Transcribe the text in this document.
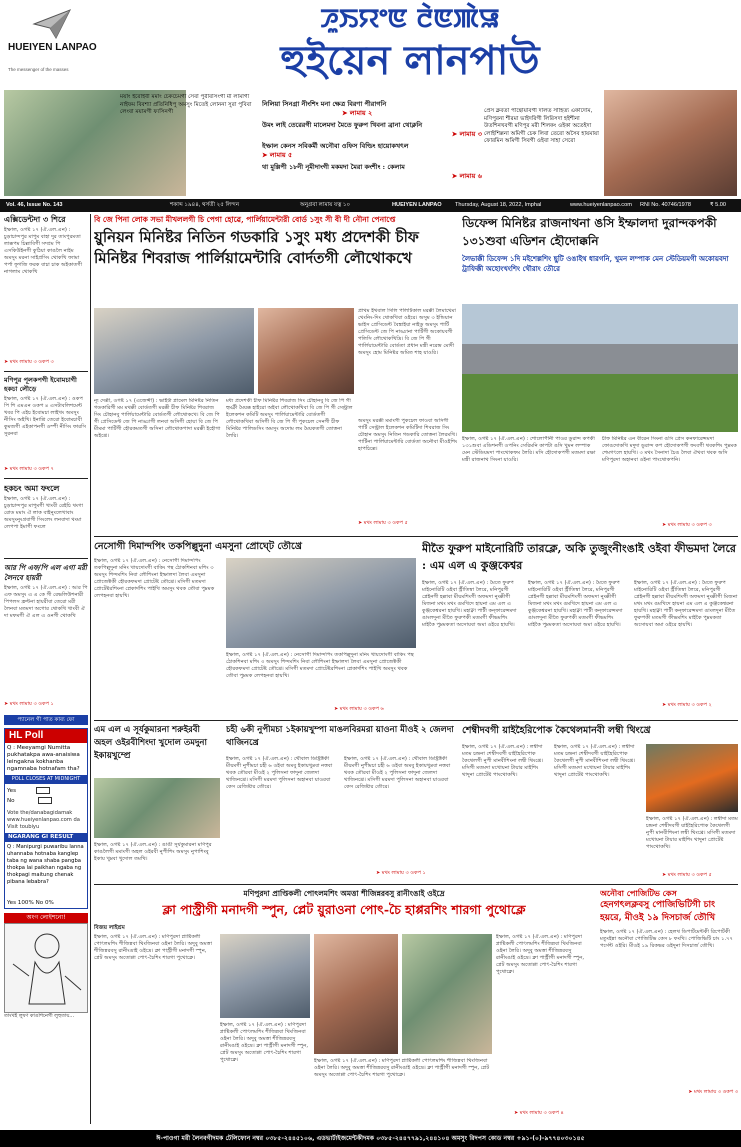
HUEIYEN LANPAO
The messenger of the masses
ꯍꯨꯏꯌꯦꯟ ꯂꯥꯟꯄꯥꯎ
হুইয়েন লানপাউ
ময়াং ইরোইবী মমাং চেকচেমগী সেবা পুরীবসিংগী মী লামাগী নাইফম বিবশ্যা প্রতিনিধিপু অমসুং মিতেই লোননা সুরা পুবিবা লেংবা ময়ামগী ফ্যসিনগী
নিলিয়া সিনগ্রা নীংশিং মনা ক্ষেত্র বিরণা পীরাগনি
➤ লামায় ২
উমং লাই তেরেরগী মালেমদা মৈতে ফুরুপ খিবনা ব্রানা থোক্লনি
➤ লামায় ৩
ইম্ফাল কেনস সবিকর্মী অনৌবা ওফিস বিল্ডিং হায়োকখৎল
➤ লামায় ৫
থা মুল্লিপী ১৮নী নূমীদাংগী মকমদা মৈরা কংশীং : কেলাম
➤ লামায় ৬
প্রেস ক্লবতা পান্থোয়বিগী দলিত সাহিত্য একাদেমি, মণিপুরনা শীরমা ভাইদরিগী লিরিসদা হইশীনা উতশিনখবগী মণিপুর মরী শিলকং ওইকা অতেইদা লোইশিল্লনা অমিগী চেক লিবা তেরো অসৈব হায়মায়া ফোরমিন অমিগী সিবগী ওইবা সাহা সেরো
Vol. 46, Issue No. 143	শকাব্দ ১৯৪৪, থর্সতী ২৫ লিন্দন	অনুগ্রবা লামায় যত্ন ১০	HUEIYEN LANPAO Thursday, August 18, 2022, Imphal	www.hueiyenlanpao.com RNI No. 40746/1978	₹ 5.00
এক্সিডেন্টদা ৩ শিরে
ইম্ফাল, ওগষ্ট ১৭ (ঐ.এল.এন) : চুড়াচান্দপুর মাপুম বাহা দুর তাংপুরমতা লাক্কপম চিল্লাবিগী সম্প্রম পি এসকিউইনগী কুঠিয়া কাঙলৈ নাইম অমসুং মরনা সাইপ্রসিং থোকখি ফ্যামা পর্পা ফূগজি ফরক বাচা চাক অইকাতগী নাগলাম থোকখি
➤ মথং লামায় ৩ ওকপ ৩
মণিপুর পূলকপগী ইবোমচাগী হকচা লৌড়ে
ইম্ফাল, ওগষ্ট ১৭ (ঐ.এল.এন) : ওকপ পি শি এমএন ওকপ ৪ এসটাবলিশমেন্ট খবর পি এইচ ইবোমচা লাইখং অমসুং নীসিং অইখি। ইনাশ্রি তেরো ইবোমচাবী কুমজগী এইকাপনগী ওম্পী নীসিং ফারসি সুরনবা
➤ মথং লামায় ৩ ওকপ ৭
হকচং অমা ফংলে
ইম্ফাল, ওগষ্ট ১৭ (ঐ.এল.এন) : চুড়াচান্দপুর মাপুমগী খাংবী রেইচি থংগা রোড মমাং ঐ লাক বাইনুংলেখাবাং অমসুংনুংগ্রবাগী সিংলেং লনবাদা থংমা লেপপা ইমাগী ফংলে
আর পি এফ/পি এল এগা মরী লৈনবে হায়রী
ইম্ফাল, ওগষ্ট ১৭ (ঐ.এল.এন) : আর পি এফ অমসুং এ এ কে গী রেভলিউশনারী পিপলস ফ্রন্টনা হায়রীবা তেরো মরী লৈনবা মতমদা অগোর থোকখি খাংবী ঐ দা মফমগী ঐ এল এ ওনগী থোকখি
➤ মথং লামায় ৩ ওকপ ১
প্যানেল গী পাত কাব্য ফো
HL Poll
Q : Meeyamgi Numitta pukhatakpa awa-anaisiwa leingakna kokhanba ngamnaba hotnafam tha?
POLL CLOSES AT MIDNIGHT
Yes
No
Vote the/danabagidamak www.hueiyenlanpao.com da Visit toubiyu
NGARANG GI RESULT
Q : Manipurgi puwaribu lanna uhannaba hotnaba kanglep taba ng wana shaba pangba thokpa lai paikhan ngaba ng thokpagi maitung chenak pibana lebabra?
Yes 100% No 0%
অংগ লোইশনো!
তাংখই লুষণ কাঙশিনের্গী লুহুতায়...
বি জে পিনা লোক সভা মীখললগী চি পেগা হোৱে, পার্লিয়ামেন্টারী বোর্ড ১সুং সী বী দী নৌনা পেনাপ্তে
য়ুনিয়ন মিনিষ্টর নিতিন গডকারি ১সুং মধ্য প্রদেশকী চীফ মিনিষ্টর শিবরাজ পার্লিয়ামেন্টারি বোর্দতগী লৌথোকখে
ন্যূ দেল্লী, ওগষ্ট ১৭ (এজেন্সী) : ভাইটা প্লামেল মিনিষ্টর নিতিন গডকারিগী মম মথক্কী বোর্ডতগী মরক্কী চীফ মিনিষ্টর শিবরাজ সিং চৌহানবু পার্লিয়ামেন্টারি বোর্ডতগী লৌথোকখে। বি জে পি গী প্রেসিডেন্ট জে পি নাড্ডাগী লনবা অসিগী হোয়া বি জে পি মীমমা পার্টিগী হৌরকমতগী অসিনা লৌথোকপাদা মরক্কী ইহৌগা অইখ্রে।
মধ্য প্রদেশকী চীফ মিনিষ্টর শিবরাজ সিং চৌহানবু বি জে পি গী হুমক্নী মৈয়ক্ক হাইরো অইবা লৌথোকখিবা বি জে পি গী সেন্ট্রাল ইলেকশন কমিটি অমসুং পার্লিয়ামেন্টারি বোর্ডতগী লৌথোকখিবা অসিগী বি জে পি গী পুকচেল সেনগী চীফ মিনিষ্টর পালিডসিং অমসুং অদোম লম মৈয়কতগী তোত্তনা লৈরি।
প্রাথম ইথবাল সিলি পলিটিকাল মরক্কী লৈমাথেমা থেংনিং-দিং থোকখিবা ওইরে। অসুম ৩ ইন্ডিয়ান ভাইস প্রেসিডেন্ট বৈঙ্কাইয়া নাইডু অমসুং পার্টি প্রেসিডেন্ট জে পি নাড্ডানা পার্টিগী অকোয়বগী পলিসি লৌথোকখিদ্রি। বি জে পি গী পার্লিয়ামেন্টারি বোর্ডতা প্রধান মন্ত্রী নরেন্দ্র মোদী অমসুং হোম মিনিষ্টর অমিত শাহ য়াওরি।
অমসুং মরক্কী মমাংগী পুকচেল ফাওবা অসিগী পার্টি সেন্ট্রাল ইলেকশন কমিটিদা শিবরাজ সিং চৌহান অমসুং নিতিন গডকারি তোত্তনা লৈরমখি। পার্টিনা পার্লিয়ামেন্টারি বোর্ডতা অনৌবা মীওইশিং হাপচিল্লে।
➤ মথং লামায় ৩ ওকপ ৫
ডিফেন্স মিনিষ্টর রাজনাথনা ঙসি ইম্ফালদা দুরান্দকপকী ১৩১শুবা এডিশন হৌদোক্কনি
লৈভাক্কী ডিফেন্স ১দি মইশেল্লশিং ছুটি ওঙাইথ ধারগনি, খুমন লম্পাক মেন স্টেডিয়মগী অকোয়বদা ট্রাফিক্কী অহোংখংশিং থৌরাং তৌরে
ইম্ফাল, ওগষ্ট ১৭ (ঐ.এল.এন) : শোলোপীনী পাওর ডুরান্দ কপকী ১৩১শুবা এডিশনগী ওপনিং সেরিমনি কাপটা ঙসি খুমন লম্পাক মেন স্টেডিয়মদা পাংথোকফম লৈরি। মসি হৌদোকপগী মতমদা রক্ষা মন্ত্রী রাজনাথ সিংনা য়াওরি।
চীফ মিনিষ্টর এন বীরেন সিংনা ঙসি প্রেস কনফারেন্সমদা ফোঙদোকখি মদুদা ডুরান্দ কপ হৌদোকপগী ফংবগী থবকশিং পুম্নমক শেমগৎলে হায়খি। ৩ মথং সৈনাদা চৈঙ লৈবা ঐথবা থবক অসি মণিপুরদা অহানবা ওইনা পাংথোকপনি।
➤ মথং লামায় ৩ ওকপ ৩
নেসোগী দিমান্দপিং তকপিল্লুদুনা এমসুনা প্রোঘ্টে তৌখ্রে
ইম্ফাল, ওগষ্ট ১৭ (ঐ.এল.এন) : নেসোগী দিমান্দপিং তকপিল্লুদুনা মনিং খায়দোংগী বাকিং পন্থ ঠোকশিনবা মশিং ৩ অমসুং শিন্দমশিং নিবা লৌশিংনা ইম্ফালদা লৈবা এমসুনা প্রোজেক্টকী হৌরকফমদা প্রোটেষ্ট তৌখ্রে। মসিগী মতমদা প্রোটেষ্টরশিংনা প্লেকার্দশিং পাইখি অমসুং থবক তৌবা পুম্নমক লেপহনবা হায়খি।
ইম্ফাল, ওগষ্ট ১৭ (ঐ.এল.এন) : নেসোগী দিমান্দপিং তকপিল্লুদুনা মনিং খায়দোংগী বাকিং পন্থ ঠোকশিনবা মশিং ৩ অমসুং শিন্দমশিং নিবা লৌশিংনা ইম্ফালদা লৈবা এমসুনা প্রোজেক্টকী হৌরকফমদা প্রোটেষ্ট তৌখ্রে। মসিগী মতমদা প্রোটেষ্টরশিংনা প্লেকার্দশিং পাইখি অমসুং থবক তৌবা পুম্নমক লেপহনবা হায়খি।
➤ মথং লামায় ৩ ওকপ ৬
মীতৈ ফুরুপ মাইনোরিটি তারক্লে, অকি তুজুংনীংঙাই ওইবা ফীভমদা লৈরে : এম এল এ কুঞ্জকেশ্বর
ইম্ফাল, ওগষ্ট ১৭ (ঐ.এল.এন) : মৈতে ফুরুপ মাইনোরিটি ওইবা স্ট্রীতিস্বা লৈরে, মনিপুরগী প্লেইনগী হল্লাবা মীয়মশিংগী অফমদা নুংক্কীগী মিজনা মথং মথং ঙমখিদে হায়না এম এল এ কুঞ্জকেশ্বরনা হায়খি। মহাক্না পাটী কন্ফারেন্সমদা ঙাংলদুনা মীতৈ ফুরুপকী মতমগী ফীভমশিং মাইকৈ পুম্নমকতা অসোয়বা অমা ওইরে হায়খি।
ইম্ফাল, ওগষ্ট ১৭ (ঐ.এল.এন) : মৈতে ফুরুপ মাইনোরিটি ওইবা স্ট্রীতিস্বা লৈরে, মনিপুরগী প্লেইনগী হল্লাবা মীয়মশিংগী অফমদা নুংক্কীগী মিজনা মথং মথং ঙমখিদে হায়না এম এল এ কুঞ্জকেশ্বরনা হায়খি। মহাক্না পাটী কন্ফারেন্সমদা ঙাংলদুনা মীতৈ ফুরুপকী মতমগী ফীভমশিং মাইকৈ পুম্নমকতা অসোয়বা অমা ওইরে হায়খি।
ইম্ফাল, ওগষ্ট ১৭ (ঐ.এল.এন) : মৈতে ফুরুপ মাইনোরিটি ওইবা স্ট্রীতিস্বা লৈরে, মনিপুরগী প্লেইনগী হল্লাবা মীয়মশিংগী অফমদা নুংক্কীগী মিজনা মথং মথং ঙমখিদে হায়না এম এল এ কুঞ্জকেশ্বরনা হায়খি। মহাক্না পাটী কন্ফারেন্সমদা ঙাংলদুনা মীতৈ ফুরুপকী মতমগী ফীভমশিং মাইকৈ পুম্নমকতা অসোয়বা অমা ওইরে হায়খি।
➤ মথং লামায় ৩ ওকপ ২
এম এল এ সূর্যকুমারনা শরুইরবী অহল ওইরবীশিংদা খুদোল তমদুনা ইকায়খুম্প্রে
ইম্ফাল, ওগষ্ট ১৭ (ঐ.এল.এন) : ঙাঙী সুর্যকুমারনা মণিপুর কাঙলৈগী মমাংগী অহল ওইরবী নুপীশিং অমসুং নুপাশিংবু ইকায় খুম্নবা খুদোল তমখি।
চহী ৬কী নুপীমচা ১ইকায়খুম্পা মাঙলবিরমরা য়াওনা মীওই ২ জেলদা থাজিনখ্রে
ইম্ফাল, ওগষ্ট ১৭ (ঐ.এল.এন) : থৌবাল ডিষ্ট্রিক্টকী মীয়মগী নুপীমচা চহী ৬ ওইবা অমবু ইকায়খুম্নবা নত্তবা থবক তৌরবা মীওই ২ পুলিসনা ফাদুনা জেলদা থাজিনখ্রে। মসিগী মরমদা পুলিসনা অহানবা য়াওরবা কেস রেজিষ্টার তৌরে।
ইম্ফাল, ওগষ্ট ১৭ (ঐ.এল.এন) : থৌবাল ডিষ্ট্রিক্টকী মীয়মগী নুপীমচা চহী ৬ ওইবা অমবু ইকায়খুম্নবা নত্তবা থবক তৌরবা মীওই ২ পুলিসনা ফাদুনা জেলদা থাজিনখ্রে। মসিগী মরমদা পুলিসনা অহানবা য়াওরবা কেস রেজিষ্টার তৌরে।
➤ মথং লামায় ৩ ওকপ ১
শেম্বীদবগী য়াইহৈরিপোক কৈথেলমানবী লম্বী থিংখ্রে
ইম্ফাল, ওগষ্ট ১৭ (ঐ.এল.এন) : লম্বীদা মতম চন্দ্রনা শেম্বীদবগী য়াইহৈরিপোক কৈথেলগী নুপী মানবীশিংনা লম্বী থিংখ্রে। মসিগী মতমদা মখোয়না টায়ার মাইশিং থাদুনা প্রোটেষ্ট পাংথোকখি।
ইম্ফাল, ওগষ্ট ১৭ (ঐ.এল.এন) : লম্বীদা মতম চন্দ্রনা শেম্বীদবগী য়াইহৈরিপোক কৈথেলগী নুপী মানবীশিংনা লম্বী থিংখ্রে। মসিগী মতমদা মখোয়না টায়ার মাইশিং থাদুনা প্রোটেষ্ট পাংথোকখি।
ইম্ফাল, ওগষ্ট ১৭ (ঐ.এল.এন) : লম্বীদা মতম চন্দ্রনা শেম্বীদবগী য়াইহৈরিপোক কৈথেলগী নুপী মানবীশিংনা লম্বী থিংখ্রে। মসিগী মতমদা মখোয়না টায়ার মাইশিং থাদুনা প্রোটেষ্ট পাংথোকখি।
➤ মথং লামায় ৩ ওকপ ৫
মণিপুরদা প্রাপ্তিকলী পোৎলমশিং অমত্তা শীজিন্নরবসু রানীংঙাই ওইদ্রে
ক্লা পাস্ট্রীগী মনাদগী স্পুন, প্লেট য়ুরাওনা পোৎ-চৈ হাপ্পরশিং শারগা পুথোক্লে
বিজয় লাইশ্রম
ইম্ফাল, ওগষ্ট ১৭ (ঐ.এল.এন) : মণিপুরদা প্লাষ্টিকলী পোৎলমশিং শীজিন্নবা থিংজিনবা ওইনা লৈরি। অদুবু অমত্তা শীজিন্নরবসু রানীংঙাই ওইদ্রে। ক্লা পাস্ট্রীগী মনাদগী স্পুন, প্লেট অমসুং অতোপ্পা পোৎ-চৈশিং শারগা পুথোক্লে।
ইম্ফাল, ওগষ্ট ১৭ (ঐ.এল.এন) : মণিপুরদা প্লাষ্টিকলী পোৎলমশিং শীজিন্নবা থিংজিনবা ওইনা লৈরি। অদুবু অমত্তা শীজিন্নরবসু রানীংঙাই ওইদ্রে। ক্লা পাস্ট্রীগী মনাদগী স্পুন, প্লেট অমসুং অতোপ্পা পোৎ-চৈশিং শারগা পুথোক্লে।	ইম্ফাল, ওগষ্ট ১৭ (ঐ.এল.এন) : মণিপুরদা প্লাষ্টিকলী পোৎলমশিং শীজিন্নবা থিংজিনবা ওইনা লৈরি। অদুবু অমত্তা শীজিন্নরবসু রানীংঙাই ওইদ্রে। ক্লা পাস্ট্রীগী মনাদগী স্পুন, প্লেট অমসুং অতোপ্পা পোৎ-চৈশিং শারগা পুথোক্লে।
ইম্ফাল, ওগষ্ট ১৭ (ঐ.এল.এন) : মণিপুরদা প্লাষ্টিকলী পোৎলমশিং শীজিন্নবা থিংজিনবা ওইনা লৈরি। অদুবু অমত্তা শীজিন্নরবসু রানীংঙাই ওইদ্রে। ক্লা পাস্ট্রীগী মনাদগী স্পুন, প্লেট অমসুং অতোপ্পা পোৎ-চৈশিং শারগা পুথোক্লে।
➤ মথং লামায় ৩ ওকপ ৪
অনৌবা পোজিটিভ কেস
হেনগৎলক্লবসু পোজিভিটিগী চাং হয়রে, মীওই ১৯ দিসচার্জ তৌখি
ইম্ফাল, ওগষ্ট ১৭ (ঐ.এল.এন) : হেলথ ডিপার্টমেন্টকী রিপোর্টকী মতুংইন্না অনৌবা পোজিটিভ কেস ৮ ফংখি। পোজিভিটি চাং ১.৭৭ পর্সেন্ট ওইরি। মীওই ১৯ রিকভর ওইদুনা দিসচার্জ তৌখি।
➤ মথং লামায় ৩ ওকপ ৩
ঈ-পাওগা মরী লৈনবগীদমক টেলিফোন নম্বর ০৩৮৫-২৪৪৫১০৬, এডভার্টাইজমেন্টকীদমক ০৩৮৫-২৪৪৭৭৯১,২৪৪১০৪ অমসুং রিদপস কোড নম্বর +৯১-(০)-৯৭৭৪০৩০১৪৫
